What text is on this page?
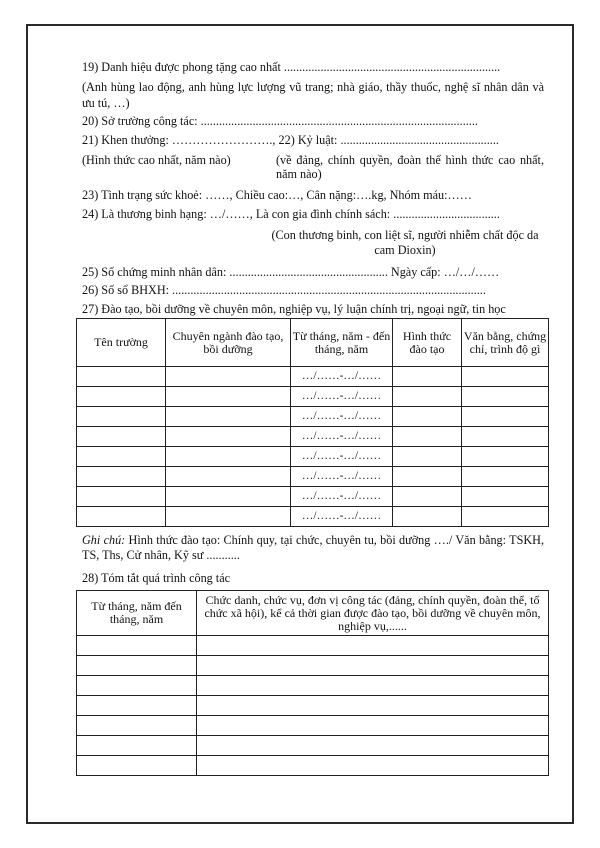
19) Danh hiệu được phong tặng cao nhất .......................................................................
(Anh hùng lao động, anh hùng lực lượng vũ trang; nhà giáo, thầy thuốc, nghệ sĩ nhân dân và ưu tú, …)
20) Sở trường công tác: ...........................................................................................
21) Khen thưởng: ……………………., 22) Kỷ luật: ....................................................
(Hình thức cao nhất, năm nào)	(về đảng, chính quyền, đoàn thể hình thức cao nhất, năm nào)
23) Tình trạng sức khoẻ: ……, Chiều cao:…, Cân nặng:….kg, Nhóm máu:……
24) Là thương binh hạng: …/……, Là con gia đình chính sách: ...................................
(Con thương binh, con liệt sĩ, người nhiễm chất độc da cam Dioxin)
25) Số chứng minh nhân dân: .................................................... Ngày cấp: …/…/……
26) Số sổ BHXH: .......................................................................................................
27) Đào tạo, bồi dưỡng về chuyên môn, nghiệp vụ, lý luận chính trị, ngoại ngữ, tin học
Tên trường	Chuyên ngành đào tạo, bồi dưỡng	Từ tháng, năm - đến tháng, năm	Hình thức đào tạo	Văn bằng, chứng chỉ, trình độ gì
		…/……-…/……		
		…/……-…/……		
		…/……-…/……		
		…/……-…/……		
		…/……-…/……		
		…/……-…/……		
		…/……-…/……		
		…/……-…/……		
Ghi chú: Hình thức đào tạo: Chính quy, tại chức, chuyên tu, bồi dưỡng …./ Văn bằng: TSKH, TS, Ths, Cử nhân, Kỹ sư ...........
28) Tóm tắt quá trình công tác
Từ tháng, năm đến tháng, năm	Chức danh, chức vụ, đơn vị công tác (đảng, chính quyền, đoàn thể, tổ chức xã hội), kể cả thời gian được đào tạo, bồi dưỡng về chuyên môn, nghiệp vụ,......
